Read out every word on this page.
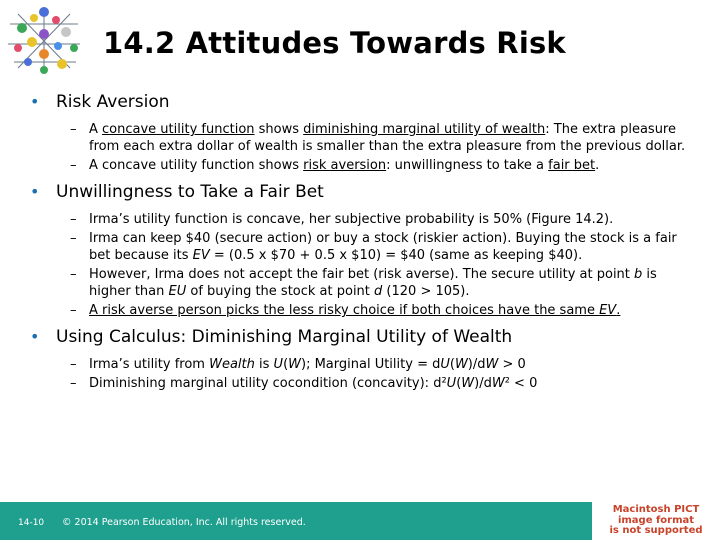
14.2 Attitudes Towards Risk
• Risk Aversion
– A concave utility function shows diminishing marginal utility of wealth: The extra pleasure from each extra dollar of wealth is smaller than the extra pleasure from the previous dollar.
– A concave utility function shows risk aversion: unwillingness to take a fair bet.
• Unwillingness to Take a Fair Bet
– Irma’s utility function is concave, her subjective probability is 50% (Figure 14.2).
– Irma can keep $40 (secure action) or buy a stock (riskier action). Buying the stock is a fair bet because its EV = (0.5 x $70 + 0.5 x $10) = $40 (same as keeping $40).
– However, Irma does not accept the fair bet (risk averse). The secure utility at point b is higher than EU of buying the stock at point d (120 > 105).
– A risk averse person picks the less risky choice if both choices have the same EV.
• Using Calculus: Diminishing Marginal Utility of Wealth
– Irma’s utility from Wealth is U(W); Marginal Utility = dU(W)/dW > 0
– Diminishing marginal utility cocondition (concavity): d²U(W)/dW² < 0
14-10 © 2014 Pearson Education, Inc. All rights reserved.
Macintosh PICT
image format
is not supported
